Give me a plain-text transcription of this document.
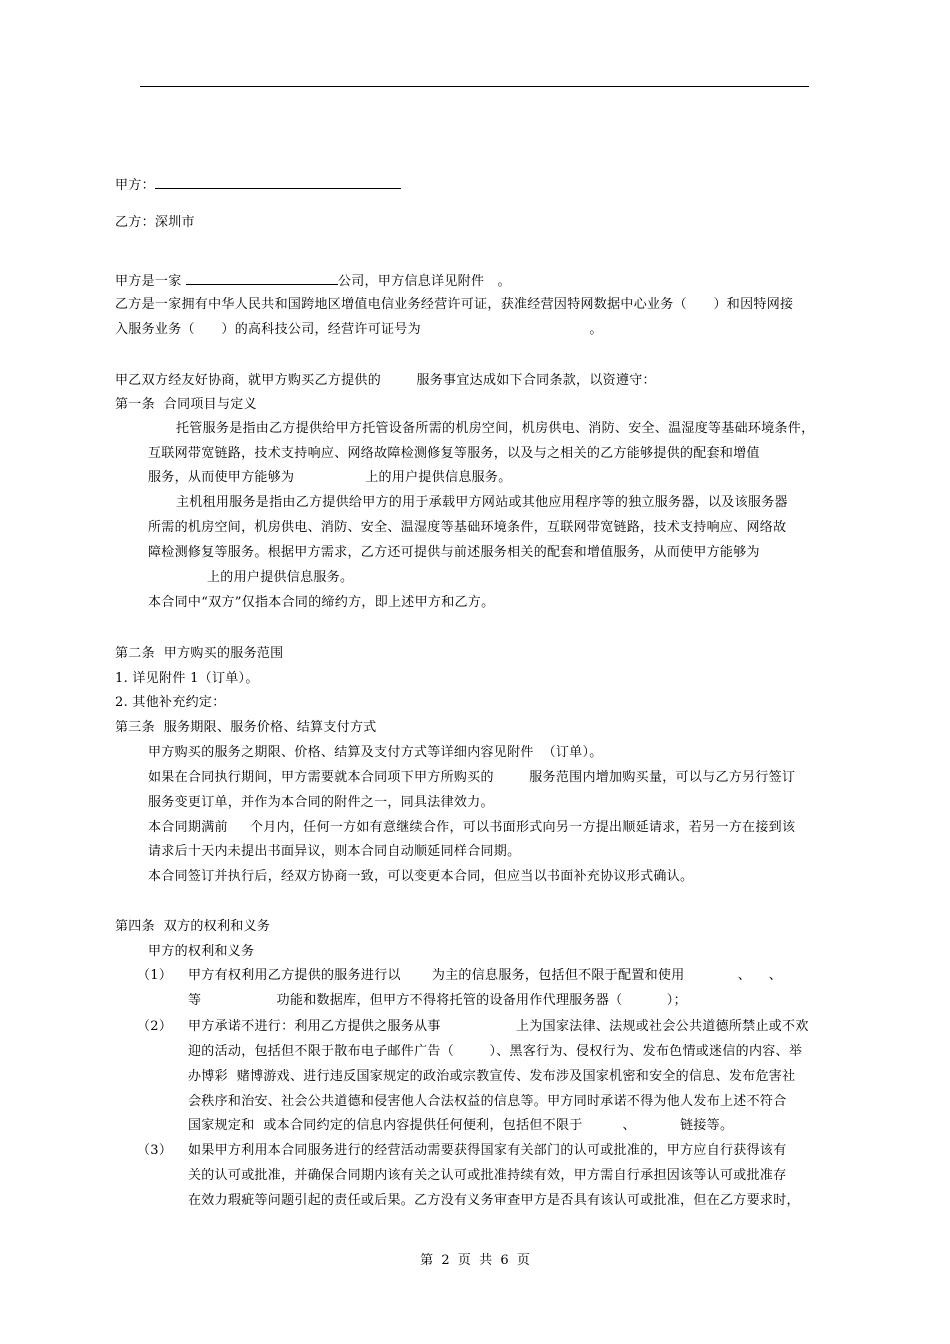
甲方：
乙方：深圳市
甲方是一家	公司，甲方信息详见附件   。
乙方是一家拥有中华人民共和国跨地区增值电信业务经营许可证，获准经营因特网数据中心业务（      ）和因特网接
入服务业务（      ）的高科技公司，经营许可证号为                                      。
甲乙双方经友好协商，就甲方购买乙方提供的        服务事宜达成如下合同条款，以资遵守：
第一条  合同项目与定义
托管服务是指由乙方提供给甲方托管设备所需的机房空间，机房供电、消防、安全、温湿度等基础环境条件，
互联网带宽链路，技术支持响应、网络故障检测修复等服务，以及与之相关的乙方能够提供的配套和增值
服务，从而使甲方能够为                上的用户提供信息服务。
主机租用服务是指由乙方提供给甲方的用于承载甲方网站或其他应用程序等的独立服务器，以及该服务器
所需的机房空间，机房供电、消防、安全、温湿度等基础环境条件，互联网带宽链路，技术支持响应、网络故
障检测修复等服务。根据甲方需求，乙方还可提供与前述服务相关的配套和增值服务，从而使甲方能够为
上的用户提供信息服务。
本合同中“双方”仅指本合同的缔约方，即上述甲方和乙方。
第二条  甲方购买的服务范围
1. 详见附件 1（订单）。
2. 其他补充约定：
第三条  服务期限、服务价格、结算支付方式
甲方购买的服务之期限、价格、结算及支付方式等详细内容见附件  （订单）。
如果在合同执行期间，甲方需要就本合同项下甲方所购买的        服务范围内增加购买量，可以与乙方另行签订
服务变更订单，并作为本合同的附件之一，同具法律效力。
本合同期满前     个月内，任何一方如有意继续合作，可以书面形式向另一方提出顺延请求，若另一方在接到该
请求后十天内未提出书面异议，则本合同自动顺延同样合同期。
本合同签订并执行后，经双方协商一致，可以变更本合同，但应当以书面补充协议形式确认。
第四条  双方的权利和义务
甲方的权利和义务
（1） 甲方有权利用乙方提供的服务进行以       为主的信息服务，包括但不限于配置和使用            、    、
等                 功能和数据库，但甲方不得将托管的设备用作代理服务器（          ）；
（2） 甲方承诺不进行：利用乙方提供之服务从事                 上为国家法律、法规或社会公共道德所禁止或不欢
迎的活动，包括但不限于散布电子邮件广告（        ）、黑客行为、侵权行为、发布色情或迷信的内容、举
办博彩  赌博游戏、进行违反国家规定的政治或宗教宣传、发布涉及国家机密和安全的信息、发布危害社
会秩序和治安、社会公共道德和侵害他人合法权益的信息等。甲方同时承诺不得为他人发布上述不符合
国家规定和  或本合同约定的信息内容提供任何便利，包括但不限于         、          链接等。
（3） 如果甲方利用本合同服务进行的经营活动需要获得国家有关部门的认可或批准的，甲方应自行获得该有
关的认可或批准，并确保合同期内该有关之认可或批准持续有效，甲方需自行承担因该等认可或批准存
在效力瑕疵等问题引起的责任或后果。乙方没有义务审查甲方是否具有该认可或批准，但在乙方要求时，
第  2  页  共  6  页
